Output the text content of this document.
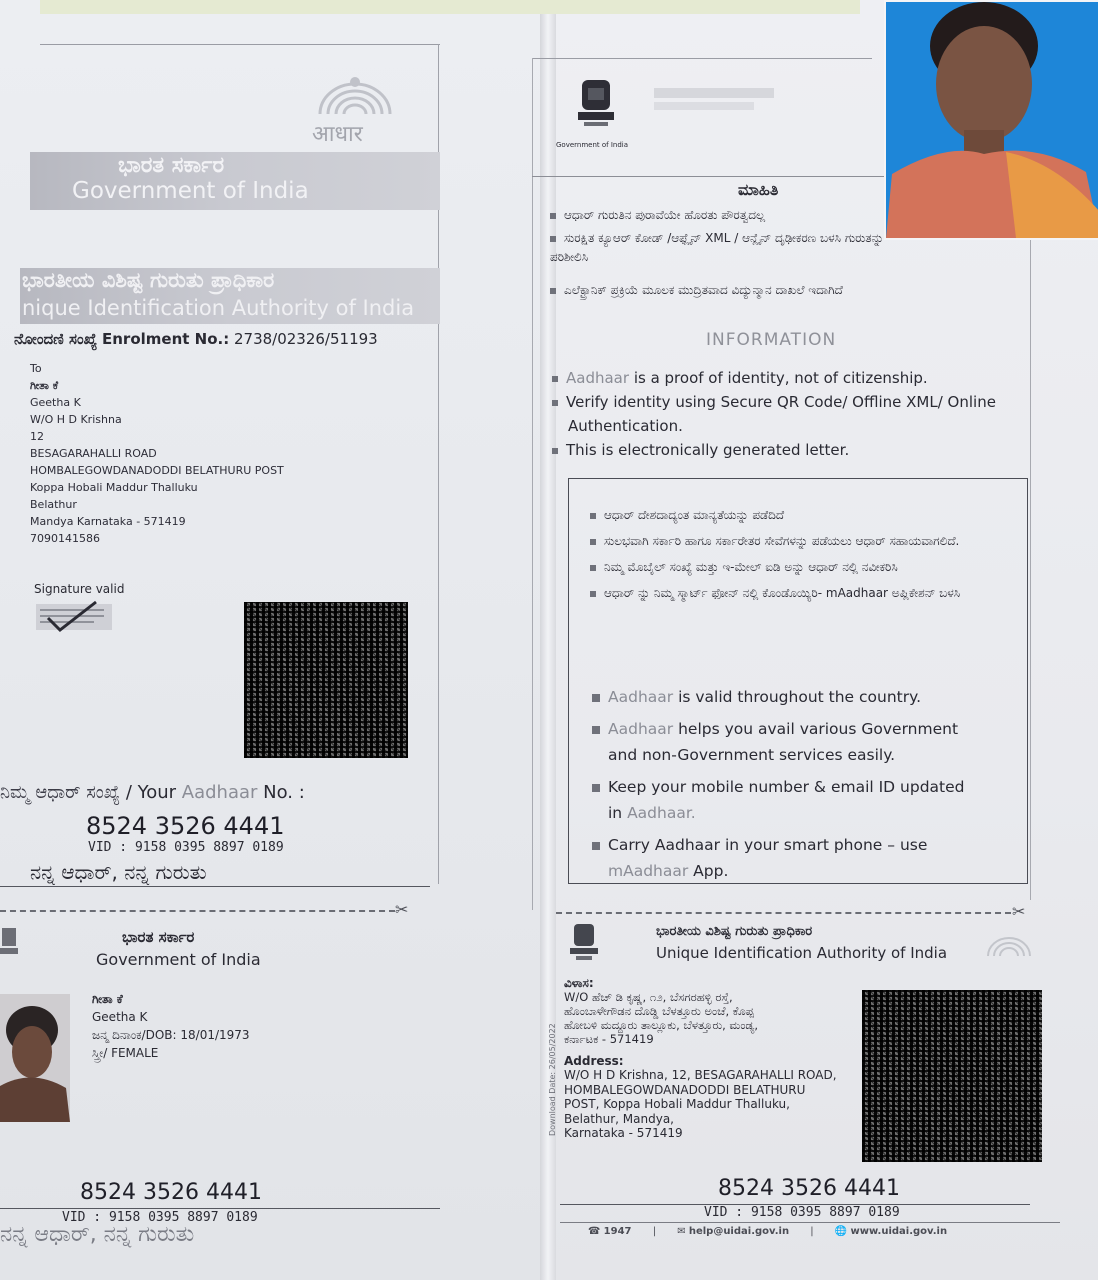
आधार
ಭಾರತ ಸರ್ಕಾರ
Government of India
ಭಾರತೀಯ ವಿಶಿಷ್ಟ ಗುರುತು ಪ್ರಾಧಿಕಾರ
nique Identification Authority of India
ನೋಂದಣಿ ಸಂಖ್ಯೆ Enrolment No.: 2738/02326/51193
To
ಗೀತಾ ಕೆ
Geetha K
W/O H D Krishna
12
BESAGARAHALLI ROAD
HOMBALEGOWDANADODDI BELATHURU POST
Koppa Hobali Maddur Thalluku
Belathur
Mandya Karnataka - 571419
7090141586
Signature valid
ನಿಮ್ಮ ಆಧಾರ್ ಸಂಖ್ಯೆ / Your Aadhaar No. :
8524 3526 4441
VID : 9158 0395 8897 0189
ನನ್ನ ಆಧಾರ್, ನನ್ನ ಗುರುತು
✂
ಭಾರತ ಸರ್ಕಾರ
Government of India
ಗೀತಾ ಕೆ
Geetha K
ಜನ್ಮ ದಿನಾಂಕ/DOB: 18/01/1973
ಸ್ತ್ರೀ/ FEMALE
8524 3526 4441
VID : 9158 0395 8897 0189
ನನ್ನ ಆಧಾರ್, ನನ್ನ ಗುರುತು
Government of India
ಮಾಹಿತಿ
ಆಧಾರ್ ಗುರುತಿನ ಪುರಾವೆಯೇ ಹೊರತು ಪೌರತ್ವದಲ್ಲ
ಸುರಕ್ಷಿತ ಕ್ಯೂಆರ್ ಕೋಡ್ /ಆಫ್ಲೈನ್ XML / ಆನ್ಲೈನ್ ದೃಢೀಕರಣ ಬಳಸಿ ಗುರುತನ್ನು ಪರಿಶೀಲಿಸಿ
ಎಲೆಕ್ಟ್ರಾನಿಕ್ ಪ್ರಕ್ರಿಯೆ ಮೂಲಕ ಮುದ್ರಿತವಾದ ವಿದ್ಯುನ್ಮಾನ ದಾಖಲೆ ಇದಾಗಿದೆ
INFORMATION
Aadhaar is a proof of identity, not of citizenship.
Verify identity using Secure QR Code/ Offline XML/ Online
Authentication.
This is electronically generated letter.
ಆಧಾರ್ ದೇಶದಾದ್ಯಂತ ಮಾನ್ಯತೆಯನ್ನು ಪಡೆದಿದೆ
ಸುಲಭವಾಗಿ ಸರ್ಕಾರಿ ಹಾಗೂ ಸರ್ಕಾರೇತರ ಸೇವೆಗಳನ್ನು ಪಡೆಯಲು ಆಧಾರ್ ಸಹಾಯವಾಗಲಿದೆ.
ನಿಮ್ಮ ಮೊಬೈಲ್ ಸಂಖ್ಯೆ ಮತ್ತು ಇ-ಮೇಲ್ ಐಡಿ ಅನ್ನು ಆಧಾರ್ ನಲ್ಲಿ ನವೀಕರಿಸಿ
ಆಧಾರ್ ನ್ನು ನಿಮ್ಮ ಸ್ಮಾರ್ಟ್ ಫೋನ್ ನಲ್ಲಿ ಕೊಂಡೊಯ್ಯಿರಿ- mAadhaar ಅಪ್ಲಿಕೇಶನ್ ಬಳಸಿ
Aadhaar is valid throughout the country.
Aadhaar helps you avail various Government
and non-Government services easily.
Keep your mobile number & email ID updated
in Aadhaar.
Carry Aadhaar in your smart phone – use
mAadhaar App.
✂
ಭಾರತೀಯ ವಿಶಿಷ್ಟ ಗುರುತು ಪ್ರಾಧಿಕಾರ
Unique Identification Authority of India
ವಿಳಾಸ:
W/O ಹೆಚ್ ಡಿ ಕೃಷ್ಣ, ೧೨, ಬೆಸಗರಹಳ್ಳಿ ರಸ್ತೆ,
ಹೊಂಬಾಳೇಗೌಡನ ದೊಡ್ಡಿ ಬೆಳತ್ತೂರು ಅಂಚೆ, ಕೊಪ್ಪ
ಹೋಬಳಿ ಮದ್ದೂರು ತಾಲ್ಲೂಕು, ಬೆಳತ್ತೂರು, ಮಂಡ್ಯ,
ಕರ್ನಾಟಕ - 571419
Address:
W/O H D Krishna, 12, BESAGARAHALLI ROAD,
HOMBALEGOWDANADODDI BELATHURU
POST, Koppa Hobali Maddur Thalluku,
Belathur, Mandya,
Karnataka - 571419
Download Date: 26/05/2022
8524 3526 4441
VID : 9158 0395 8897 0189
☎ 1947 | ✉ help@uidai.gov.in | 🌐 www.uidai.gov.in
